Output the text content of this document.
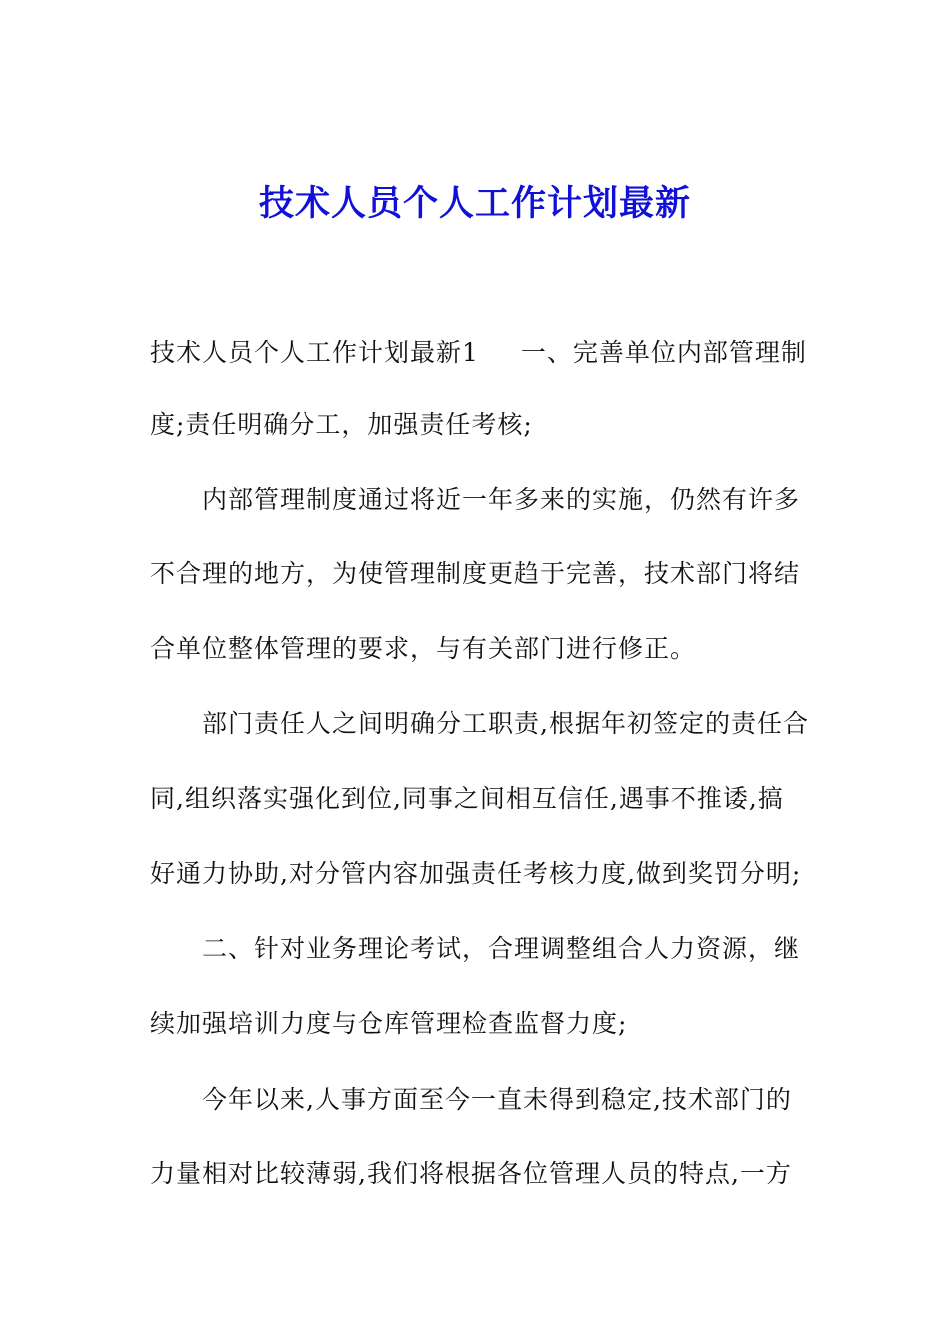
技术人员个人工作计划最新
技术人员个人工作计划最新1 一、完善单位内部管理制
度;责任明确分工，加强责任考核;
内部管理制度通过将近一年多来的实施，仍然有许多
不合理的地方，为使管理制度更趋于完善，技术部门将结
合单位整体管理的要求，与有关部门进行修正。
部门责任人之间明确分工职责,根据年初签定的责任合
同,组织落实强化到位,同事之间相互信任,遇事不推诿,搞
好通力协助,对分管内容加强责任考核力度,做到奖罚分明;
二、针对业务理论考试，合理调整组合人力资源，继
续加强培训力度与仓库管理检查监督力度;
今年以来,人事方面至今一直未得到稳定,技术部门的
力量相对比较薄弱,我们将根据各位管理人员的特点,一方
